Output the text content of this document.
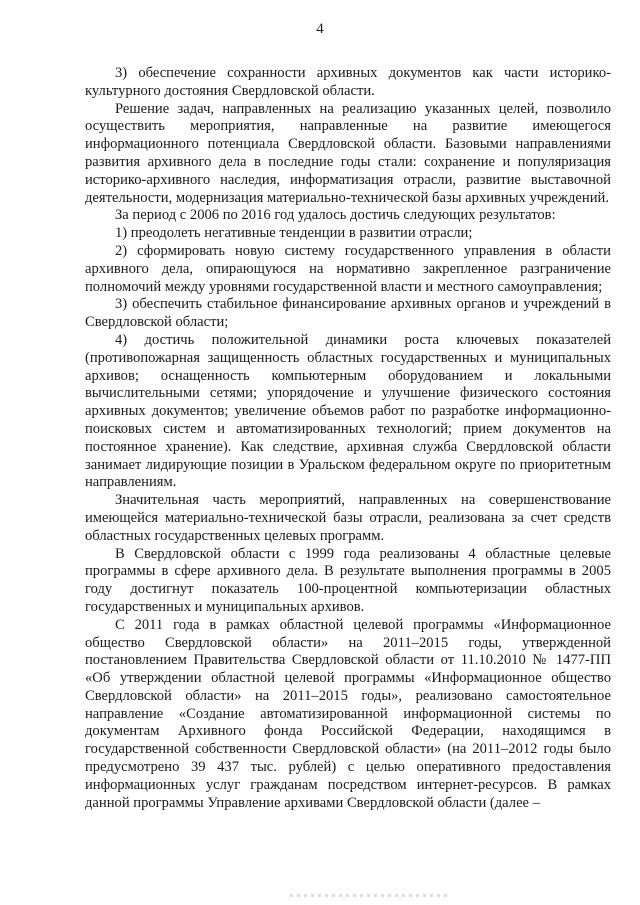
4

3) обеспечение сохранности архивных документов как части историко-культурного достояния Свердловской области.

Решение задач, направленных на реализацию указанных целей, позволило осуществить мероприятия, направленные на развитие имеющегося информационного потенциала Свердловской области. Базовыми направлениями развития архивного дела в последние годы стали: сохранение и популяризация историко-архивного наследия, информатизация отрасли, развитие выставочной деятельности, модернизация материально-технической базы архивных учреждений.

За период с 2006 по 2016 год удалось достичь следующих результатов:

1) преодолеть негативные тенденции в развитии отрасли;

2) сформировать новую систему государственного управления в области архивного дела, опирающуюся на нормативно закрепленное разграничение полномочий между уровнями государственной власти и местного самоуправления;

3) обеспечить стабильное финансирование архивных органов и учреждений в Свердловской области;

4) достичь положительной динамики роста ключевых показателей (противопожарная защищенность областных государственных и муниципальных архивов; оснащенность компьютерным оборудованием и локальными вычислительными сетями; упорядочение и улучшение физического состояния архивных документов; увеличение объемов работ по разработке информационно-поисковых систем и автоматизированных технологий; прием документов на постоянное хранение). Как следствие, архивная служба Свердловской области занимает лидирующие позиции в Уральском федеральном округе по приоритетным направлениям.

Значительная часть мероприятий, направленных на совершенствование имеющейся материально-технической базы отрасли, реализована за счет средств областных государственных целевых программ.

В Свердловской области с 1999 года реализованы 4 областные целевые программы в сфере архивного дела. В результате выполнения программы в 2005 году достигнут показатель 100-процентной компьютеризации областных государственных и муниципальных архивов.

С 2011 года в рамках областной целевой программы «Информационное общество Свердловской области» на 2011–2015 годы, утвержденной постановлением Правительства Свердловской области от 11.10.2010 № 1477-ПП «Об утверждении областной целевой программы «Информационное общество Свердловской области» на 2011–2015 годы», реализовано самостоятельное направление «Создание автоматизированной информационной системы по документам Архивного фонда Российской Федерации, находящимся в государственной собственности Свердловской области» (на 2011–2012 годы было предусмотрено 39 437 тыс. рублей) с целью оперативного предоставления информационных услуг гражданам посредством интернет-ресурсов. В рамках данной программы Управление архивами Свердловской области (далее –
